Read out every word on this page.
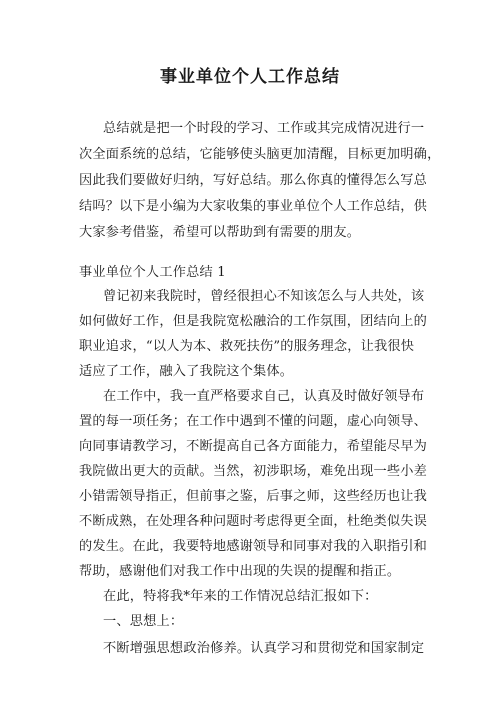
事业单位个人工作总结
总结就是把一个时段的学习、工作或其完成情况进行一
次全面系统的总结，它能够使头脑更加清醒，目标更加明确，
因此我们要做好归纳，写好总结。那么你真的懂得怎么写总
结吗？以下是小编为大家收集的事业单位个人工作总结，供
大家参考借鉴，希望可以帮助到有需要的朋友。
事业单位个人工作总结 1
曾记初来我院时，曾经很担心不知该怎么与人共处，该
如何做好工作，但是我院宽松融洽的工作氛围，团结向上的
职业追求，“以人为本、救死扶伤”的服务理念，让我很快
适应了工作，融入了我院这个集体。
在工作中，我一直严格要求自己，认真及时做好领导布
置的每一项任务；在工作中遇到不懂的问题，虚心向领导、
向同事请教学习，不断提高自己各方面能力，希望能尽早为
我院做出更大的贡献。当然，初涉职场，难免出现一些小差
小错需领导指正，但前事之鉴，后事之师，这些经历也让我
不断成熟，在处理各种问题时考虑得更全面，杜绝类似失误
的发生。在此，我要特地感谢领导和同事对我的入职指引和
帮助，感谢他们对我工作中出现的失误的提醒和指正。
在此，特将我*年来的工作情况总结汇报如下：
一、思想上：
不断增强思想政治修养。认真学习和贯彻党和国家制定
